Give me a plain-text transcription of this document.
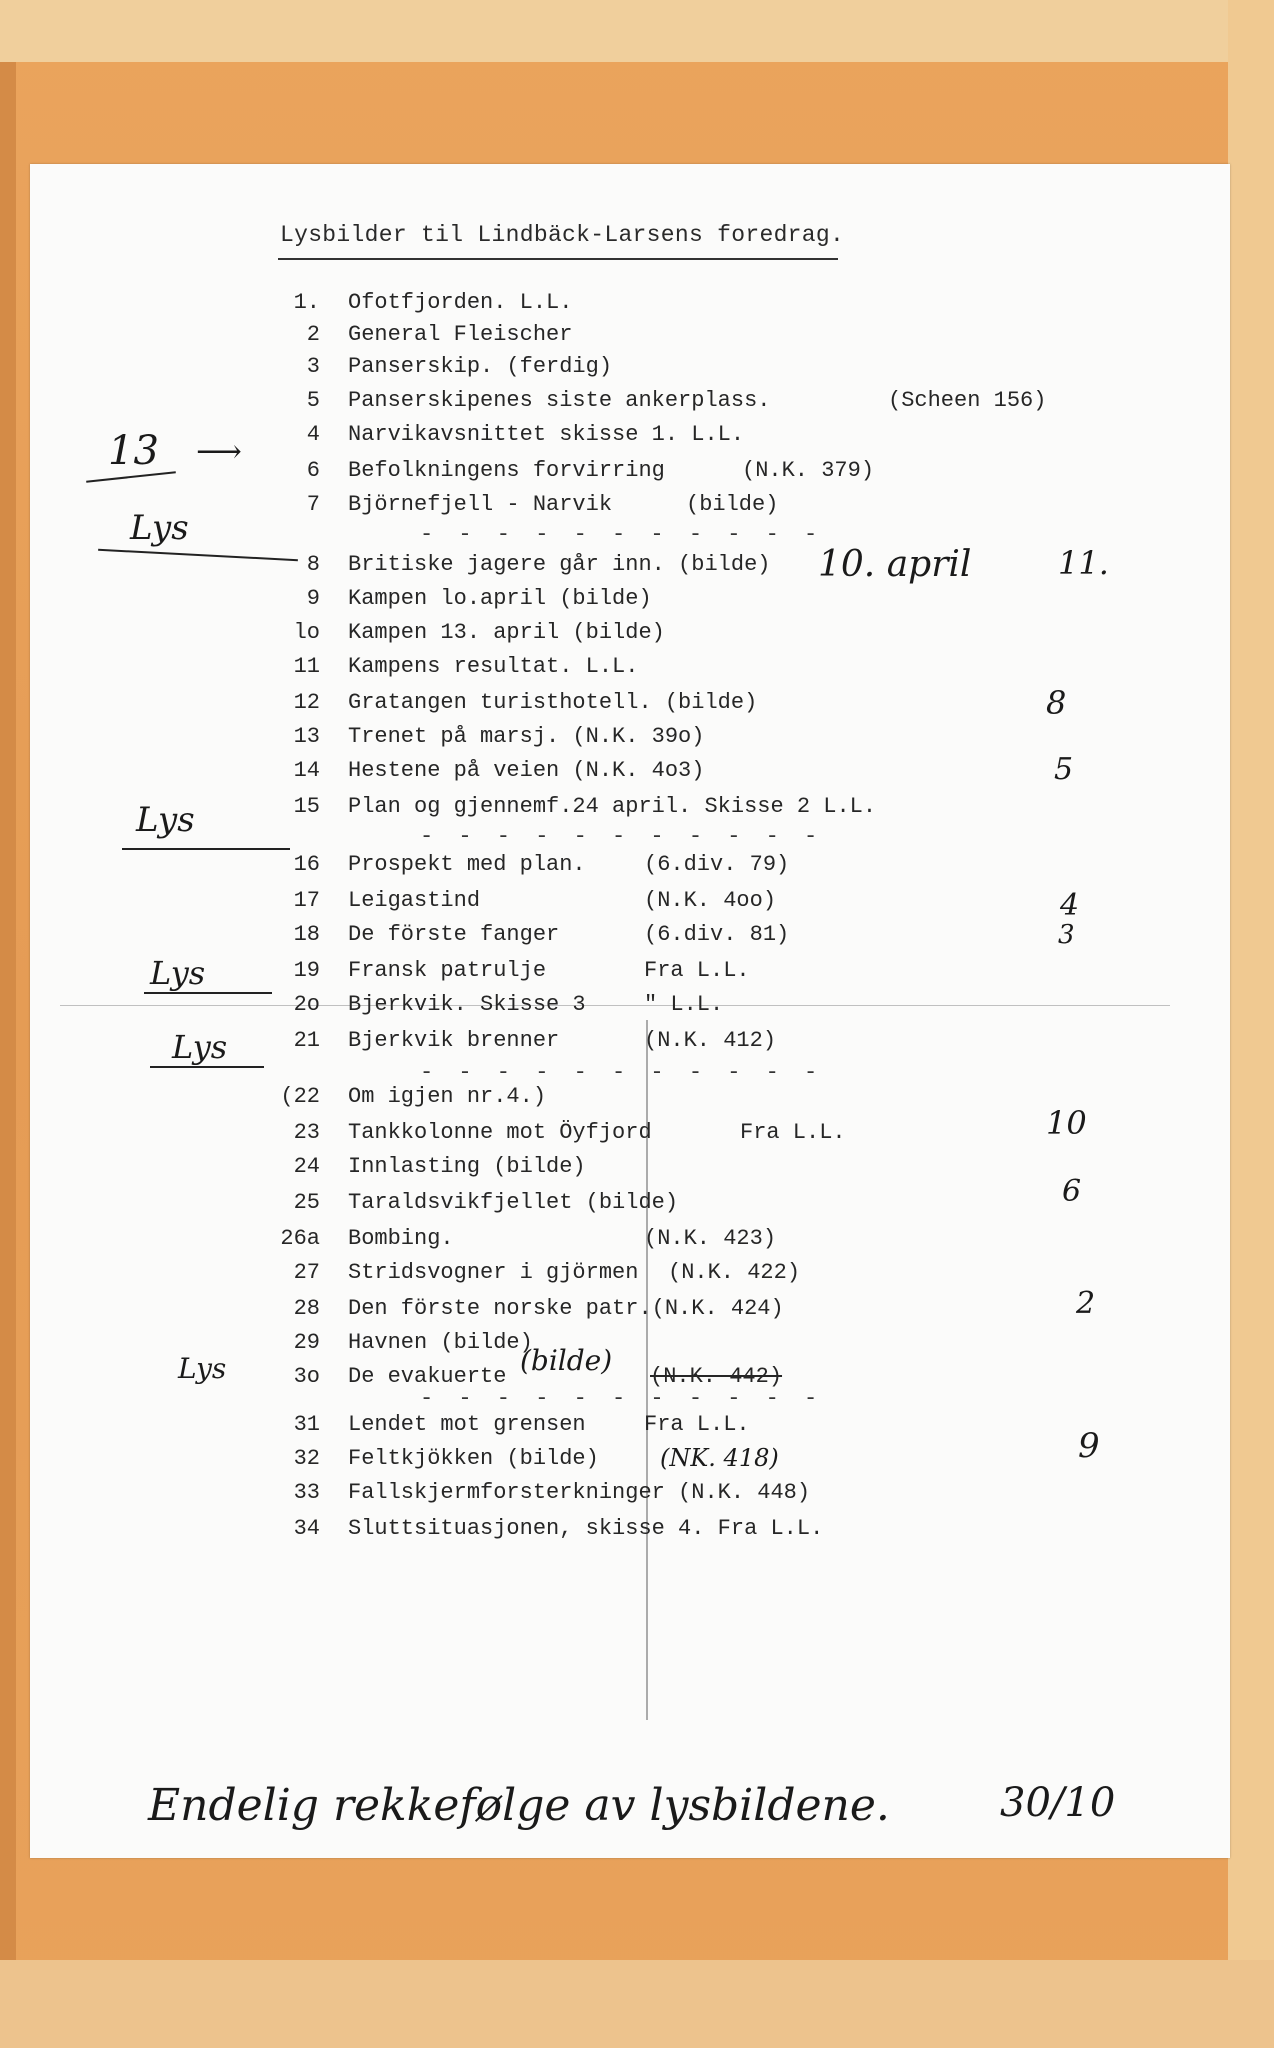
Lysbilder til Lindbäck-Larsens foredrag.
1. Ofotfjorden. L.L.
2 General Fleischer
3 Panserskip. (ferdig)
5 Panserskipenes siste ankerplass.	(Scheen 156)
4 Narvikavsnittet skisse 1. L.L.
6 Befolkningens forvirring	(N.K. 379)
7 Björnefjell - Narvik	(bilde)
8 Britiske jagere går inn. (bilde)
9 Kampen lo.april (bilde)
lo Kampen 13. april (bilde)
11 Kampens resultat. L.L.
12 Gratangen turisthotell. (bilde)
13 Trenet på marsj. (N.K. 39o)
14 Hestene på veien (N.K. 4o3)
15 Plan og gjennemf.24 april. Skisse 2 L.L.
16 Prospekt med plan.	(6.div. 79)
17 Leigastind	(N.K. 4oo)
18 De förste fanger	(6.div. 81)
19 Fransk patrulje	Fra L.L.
2o Bjerkvik. Skisse 3	" L.L.
21 Bjerkvik brenner	(N.K. 412)
(22 Om igjen nr.4.)
23 Tankkolonne mot Öyfjord	Fra L.L.
24 Innlasting (bilde)
25 Taraldsvikfjellet (bilde)
26a Bombing.	(N.K. 423)
27 Stridsvogner i gjörmen (N.K. 422)
28 Den förste norske patr.(N.K. 424)
29 Havnen (bilde)
3o De evakuerte	(N.K. 442)
31 Lendet mot grensen	Fra L.L.
32 Feltkjökken (bilde)
33 Fallskjermforsterkninger (N.K. 448)
34 Sluttsituasjonen, skisse 4. Fra L.L.
- - - - - - - - - - -
- - - - - - - - - - -
- - - - - - - - - - -
- - - - - - - - - - -
13 ⟶
Lys
Lys
Lys
Lys
Lys
10. april	11.
8
5
4
3
10
6
2
9
(bilde)
(NK. 418)
Endelig rekkefølge av lysbildene.	30/10
